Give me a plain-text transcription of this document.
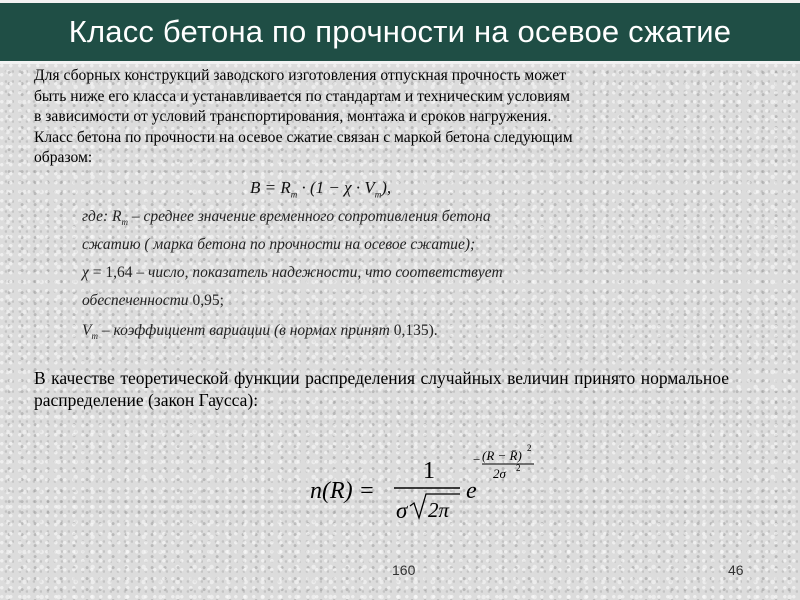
Класс бетона по прочности на осевое сжатие

Для сборных конструкций заводского изготовления отпускная прочность может

быть ниже его класса и устанавливается по стандартам и техническим условиям

в зависимости от условий транспортирования, монтажа и сроков нагружения.

Класс бетона по прочности на осевое сжатие связан с маркой бетона следующим

образом:

$B = R_m \cdot (1 - \chi \cdot V_m)$,
где: $R_m$ – среднее значение временного сопротивления бетона
сжатию ( марка бетона по прочности на осевое сжатие);
χ = 1,64 – число, показатель надежности, что соответствует
обеспеченности 0,95;
$V_m$ – коэффициент вариации (в нормах принят 0,135).
В качестве теоретической функции распределения случайных величин принято нормальное распределение (закон Гаусса):
n(R) =
1
σ 2π
e
− (R − R̄) 2
2σ 2
160	46
